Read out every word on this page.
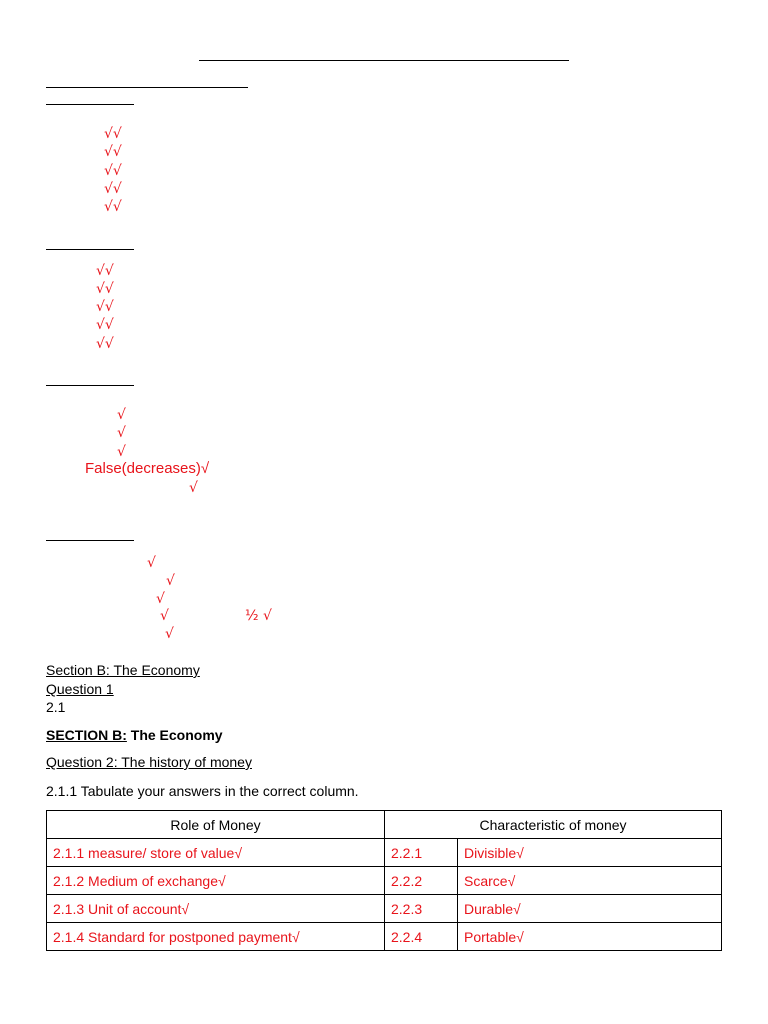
√√
√√
√√
√√
√√
√√
√√
√√
√√
√√
√
√
√
False(decreases)√
√
√
√
√
√	½ √
√
Section B: The Economy
Question 1
2.1
SECTION B: The Economy
Question 2: The history of money
2.1.1 Tabulate your answers in the correct column.
Role of Money	Characteristic of money	
2.1.1 measure/ store of value√	2.2.1	Divisible√
2.1.2 Medium of exchange√	2.2.2	Scarce√
2.1.3 Unit of account√	2.2.3	Durable√
2.1.4 Standard for postponed payment√	2.2.4	Portable√
